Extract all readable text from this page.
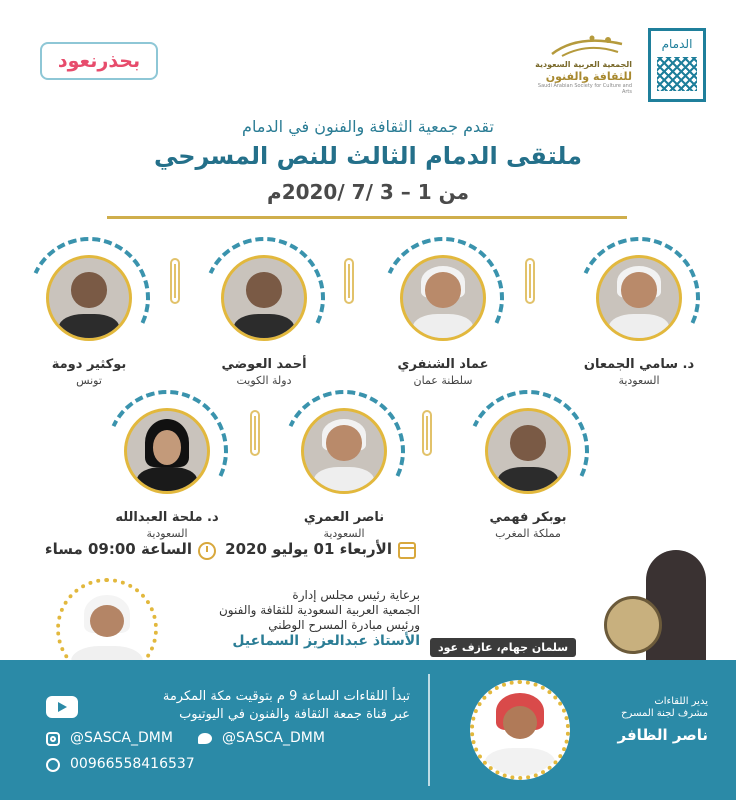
الدمام
الجمعية العربية السعودية
للثقافة والفنون
Saudi Arabian Society for Culture and Arts
نعود بحذر
تقدم جمعية الثقافة والفنون في الدمام
ملتقى الدمام الثالث للنص المسرحي
من 1 – 3 /7 /2020م
د. سامي الجمعان
السعودية
عماد الشنفري
سلطنة عمان
أحمد العوضي
دولة الكويت
بوكثير دومة
تونس
بوبكر فهمي
مملكة المغرب
ناصر العمري
السعودية
د. ملحة العبدالله
السعودية
الأربعاء 01 يوليو 2020
الساعة 09:00 مساء
برعاية رئيس مجلس إدارة
الجمعية العربية السعودية للثقافة والفنون
ورئيس مبادرة المسرح الوطني
الأستاذ عبدالعزيز السماعيل	سلمان جهام، عازف عود
تبدأ اللقاءات الساعة 9 م بتوقيت مكة المكرمة
عبر قناة جمعة الثقافة والفنون في اليوتيوب
@SASCA_DMM	@SASCA_DMM
00966558416537
يدير اللقاءات
مشرف لجنة المسرح
ناصر الظافر
